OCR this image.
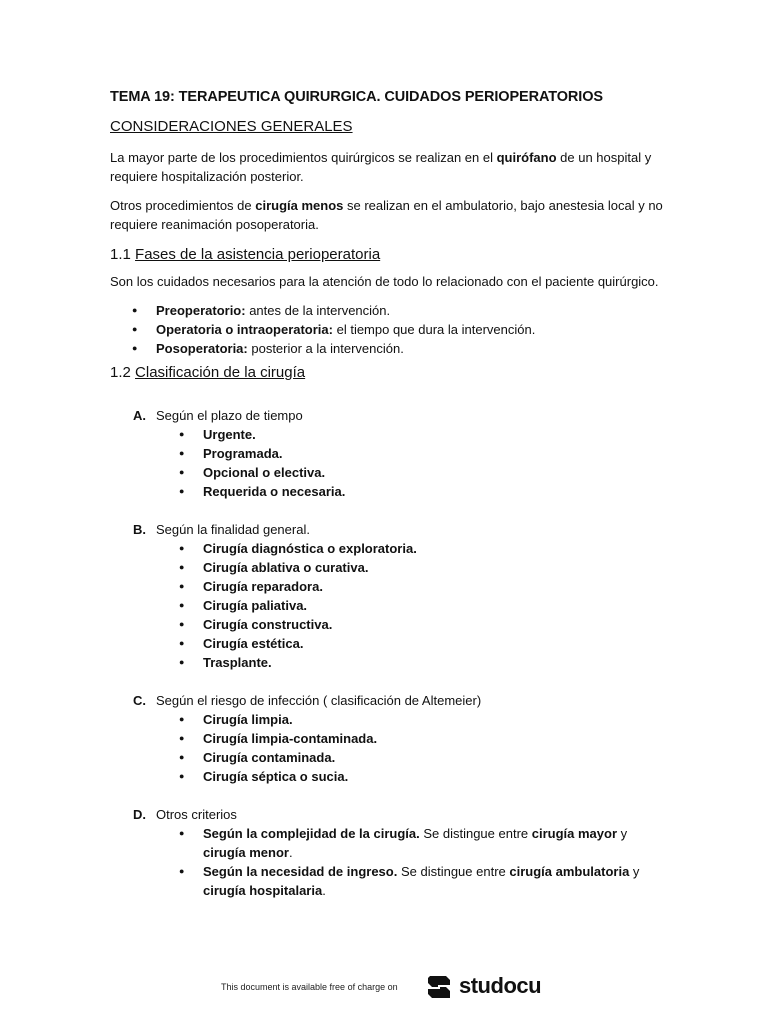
TEMA 19: TERAPEUTICA QUIRURGICA. CUIDADOS PERIOPERATORIOS
CONSIDERACIONES GENERALES

La mayor parte de los procedimientos quirúrgicos se realizan en el quirófano de un hospital y requiere hospitalización posterior.

Otros procedimientos de cirugía menos se realizan en el ambulatorio, bajo anestesia local y no requiere reanimación posoperatoria.

1.1 Fases de la asistencia perioperatoria

Son los cuidados necesarios para la atención de todo lo relacionado con el paciente quirúrgico.

● Preoperatorio: antes de la intervención.
● Operatoria o intraoperatoria: el tiempo que dura la intervención.
● Posoperatoria: posterior a la intervención.
1.2 Clasificación de la cirugía
A. Según el plazo de tiempo
● Urgente.
● Programada.
● Opcional o electiva.
● Requerida o necesaria.
B. Según la finalidad general.
● Cirugía diagnóstica o exploratoria.
● Cirugía ablativa o curativa.
● Cirugía reparadora.
● Cirugía paliativa.
● Cirugía constructiva.
● Cirugía estética.
● Trasplante.
C. Según el riesgo de infección ( clasificación de Altemeier)
● Cirugía limpia.
● Cirugía limpia-contaminada.
● Cirugía contaminada.
● Cirugía séptica o sucia.
D. Otros criterios
● Según la complejidad de la cirugía. Se distingue entre cirugía mayor y
cirugía menor.
● Según la necesidad de ingreso. Se distingue entre cirugía ambulatoria y
cirugía hospitalaria.
This document is available free of charge on	studocu
